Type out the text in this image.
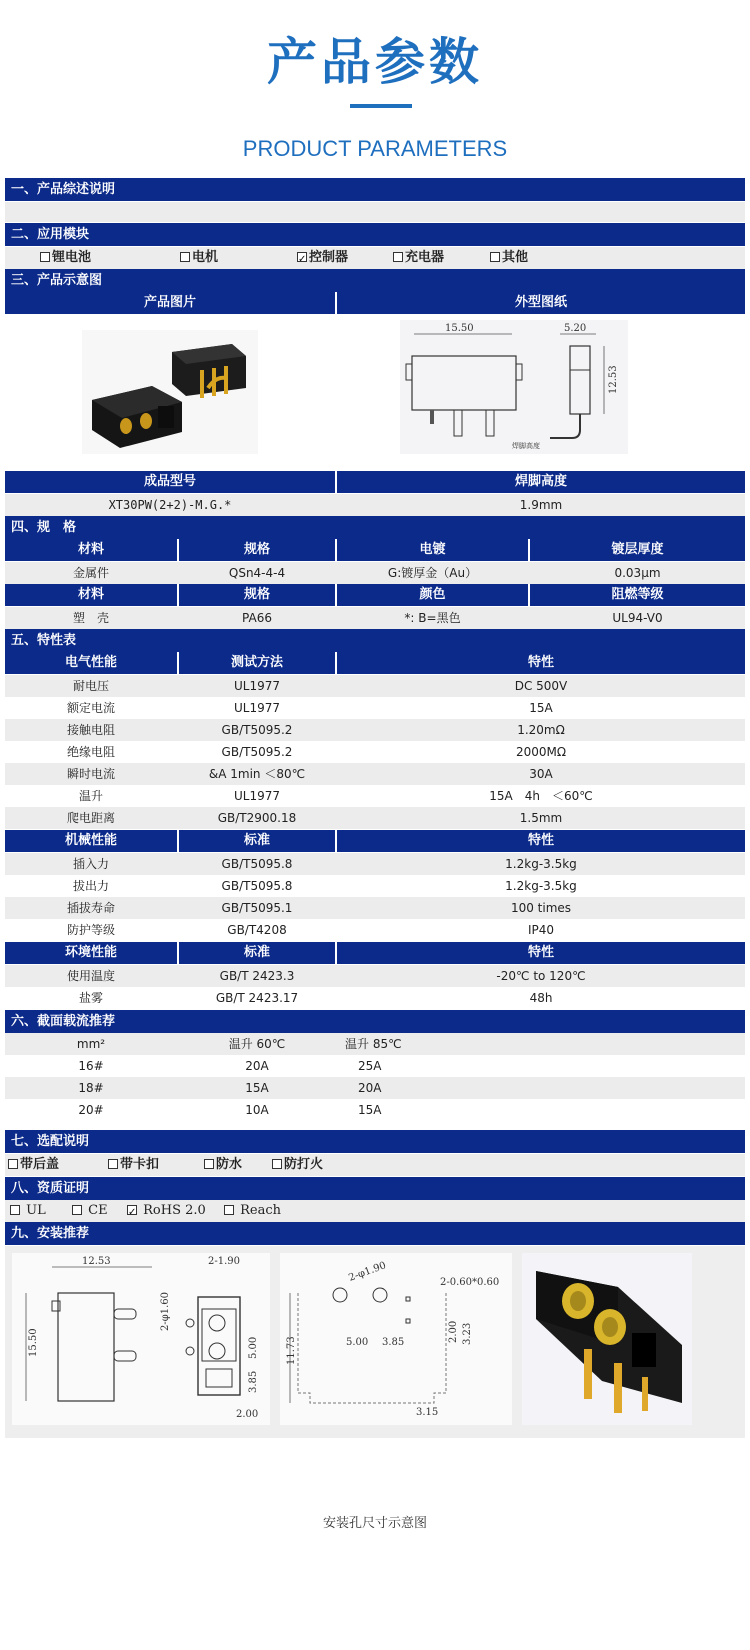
产品参数
PRODUCT PARAMETERS
一、产品综述说明
二、应用模块
锂电池	电机 ✓	控制器	充电器	其他
三、产品示意图
产品图片	外型图纸
15.50	5.20
12.53
焊脚高度
成品型号	焊脚高度
XT30PW(2+2)-M.G.*	1.9mm
四、规　格
材料	规格	电镀	镀层厚度
金属件	QSn4-4-4	G:镀厚金（Au）	0.03μm
材料	规格	颜色	阻燃等级
塑　壳	PA66	*: B=黑色	UL94-V0
五、特性表
电气性能	测试方法	特性
耐电压	UL1977	DC 500V
额定电流	UL1977	15A
接触电阻	GB/T5095.2	1.20mΩ
绝缘电阻	GB/T5095.2	2000MΩ
瞬时电流	&A 1min ＜80℃	30A
温升	UL1977	15A　4h　＜60℃
爬电距离	GB/T2900.18	1.5mm
机械性能	标准	特性
插入力	GB/T5095.8	1.2kg-3.5kg
拔出力	GB/T5095.8	1.2kg-3.5kg
插拔寿命	GB/T5095.1	100 times
防护等级	GB/T4208	IP40
环境性能	标准	特性
使用温度	GB/T 2423.3	-20℃ to 120℃
盐雾	GB/T 2423.17	48h
六、截面载流推荐
mm²	温升 60℃	温升 85℃
16#	20A	25A
18#	15A	20A
20#	10A	15A
七、选配说明
带后盖	带卡扣	防水	防打火
八、资质证明
UL	CE ✓	RoHS 2.0	Reach
九、安装推荐
12.53
15.50
2-1.90
2-φ1.60
5.00
3.85
2.00
2-φ1.90	2-0.60*0.60
11.73	5.00 3.85	2.00 3.23
3.15
安装孔尺寸示意图
